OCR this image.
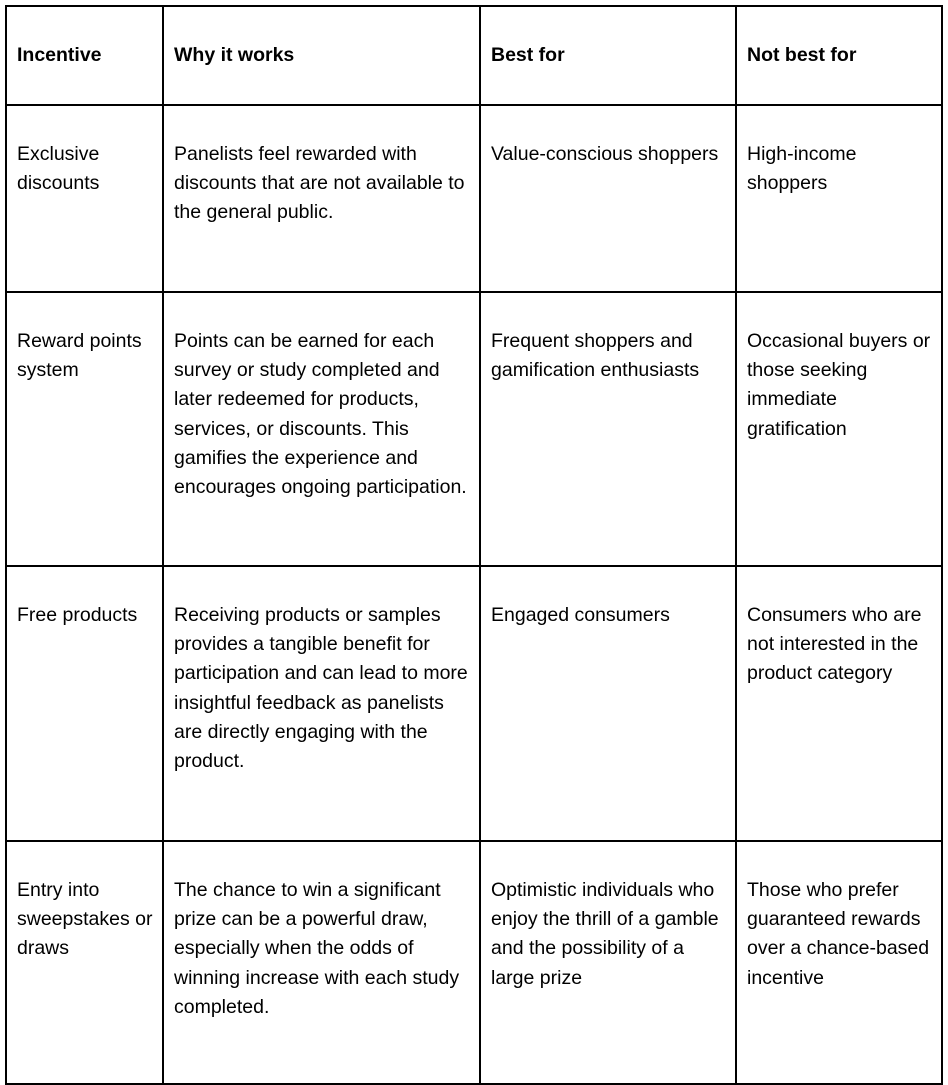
Incentive	Why it works	Best for	Not best for
Exclusive discounts	Panelists feel rewarded with discounts that are not available to the general public.	Value-conscious shoppers	High-income shoppers
Reward points system	Points can be earned for each survey or study completed and later redeemed for products, services, or discounts. This gamifies the experience and encourages ongoing participation.	Frequent shoppers and gamification enthusiasts	Occasional buyers or those seeking immediate gratification
Free products	Receiving products or samples provides a tangible benefit for participation and can lead to more insightful feedback as panelists are directly engaging with the product.	Engaged consumers	Consumers who are not interested in the product category
Entry into sweepstakes or draws	The chance to win a significant prize can be a powerful draw, especially when the odds of winning increase with each study completed.	Optimistic individuals who enjoy the thrill of a gamble and the possibility of a large prize	Those who prefer guaranteed rewards over a chance-based incentive
